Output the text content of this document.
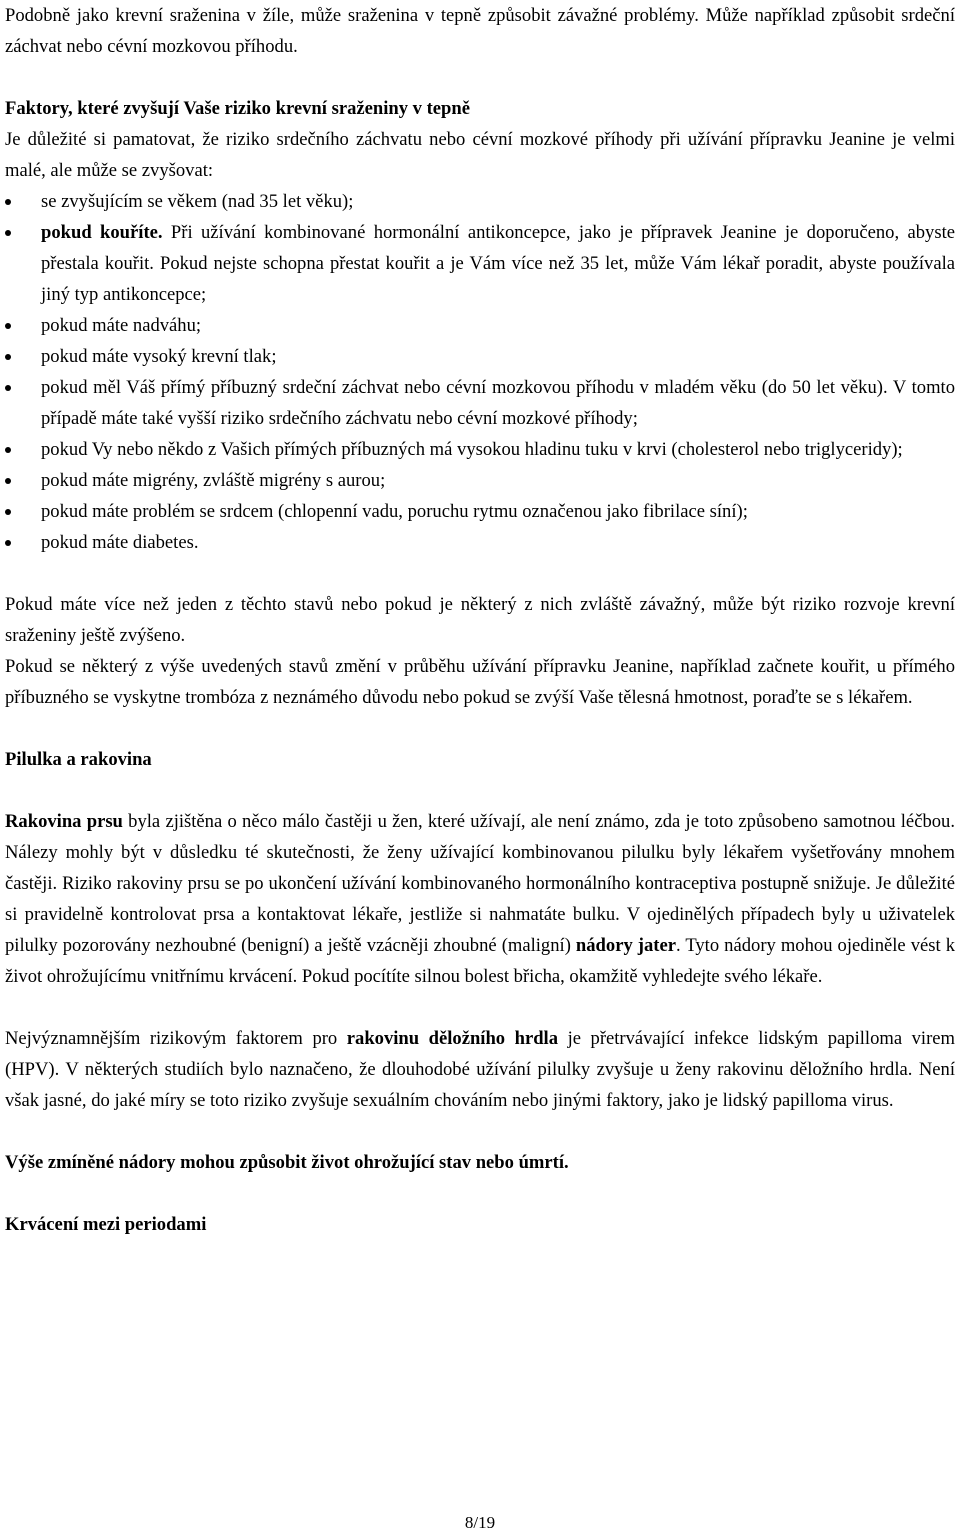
Podobně jako krevní sraženina v žíle, může sraženina v tepně způsobit závažné problémy. Může například způsobit srdeční záchvat nebo cévní mozkovou příhodu.

Faktory, které zvyšují Vaše riziko krevní sraženiny v tepně

Je důležité si pamatovat, že riziko srdečního záchvatu nebo cévní mozkové příhody při užívání přípravku Jeanine je velmi malé, ale může se zvyšovat:

se zvyšujícím se věkem (nad 35 let věku);
pokud kouříte. Při užívání kombinované hormonální antikoncepce, jako je přípravek Jeanine je doporučeno, abyste přestala kouřit. Pokud nejste schopna přestat kouřit a je Vám více než 35 let, může Vám lékař poradit, abyste používala jiný typ antikoncepce;
pokud máte nadváhu;
pokud máte vysoký krevní tlak;
pokud měl Váš přímý příbuzný srdeční záchvat nebo cévní mozkovou příhodu v mladém věku (do 50 let věku). V tomto případě máte také vyšší riziko srdečního záchvatu nebo cévní mozkové příhody;
pokud Vy nebo někdo z Vašich přímých příbuzných má vysokou hladinu tuku v krvi (cholesterol nebo triglyceridy);
pokud máte migrény, zvláště migrény s aurou;
pokud máte problém se srdcem (chlopenní vadu, poruchu rytmu označenou jako fibrilace síní);
pokud máte diabetes.

Pokud máte více než jeden z těchto stavů nebo pokud je některý z nich zvláště závažný, může být riziko rozvoje krevní sraženiny ještě zvýšeno.

Pokud se některý z výše uvedených stavů změní v průběhu užívání přípravku Jeanine, například začnete kouřit, u přímého příbuzného se vyskytne trombóza z neznámého důvodu nebo pokud se zvýší Vaše tělesná hmotnost, poraďte se s lékařem.

Pilulka a rakovina

Rakovina prsu byla zjištěna o něco málo častěji u žen, které užívají, ale není známo, zda je toto způsobeno samotnou léčbou. Nálezy mohly být v důsledku té skutečnosti, že ženy užívající kombinovanou pilulku byly lékařem vyšetřovány mnohem častěji. Riziko rakoviny prsu se po ukončení užívání kombinovaného hormonálního kontraceptiva postupně snižuje. Je důležité si pravidelně kontrolovat prsa a kontaktovat lékaře, jestliže si nahmatáte bulku. V ojedinělých případech byly u uživatelek pilulky pozorovány nezhoubné (benigní) a ještě vzácněji zhoubné (maligní) nádory jater. Tyto nádory mohou ojediněle vést k život ohrožujícímu vnitřnímu krvácení. Pokud pocítíte silnou bolest břicha, okamžitě vyhledejte svého lékaře.

Nejvýznamnějším rizikovým faktorem pro rakovinu děložního hrdla je přetrvávající infekce lidským papilloma virem (HPV). V některých studiích bylo naznačeno, že dlouhodobé užívání pilulky zvyšuje u ženy rakovinu děložního hrdla. Není však jasné, do jaké míry se toto riziko zvyšuje sexuálním chováním nebo jinými faktory, jako je lidský papilloma virus.

Výše zmíněné nádory mohou způsobit život ohrožující stav nebo úmrtí.

Krvácení mezi periodami

8/19
